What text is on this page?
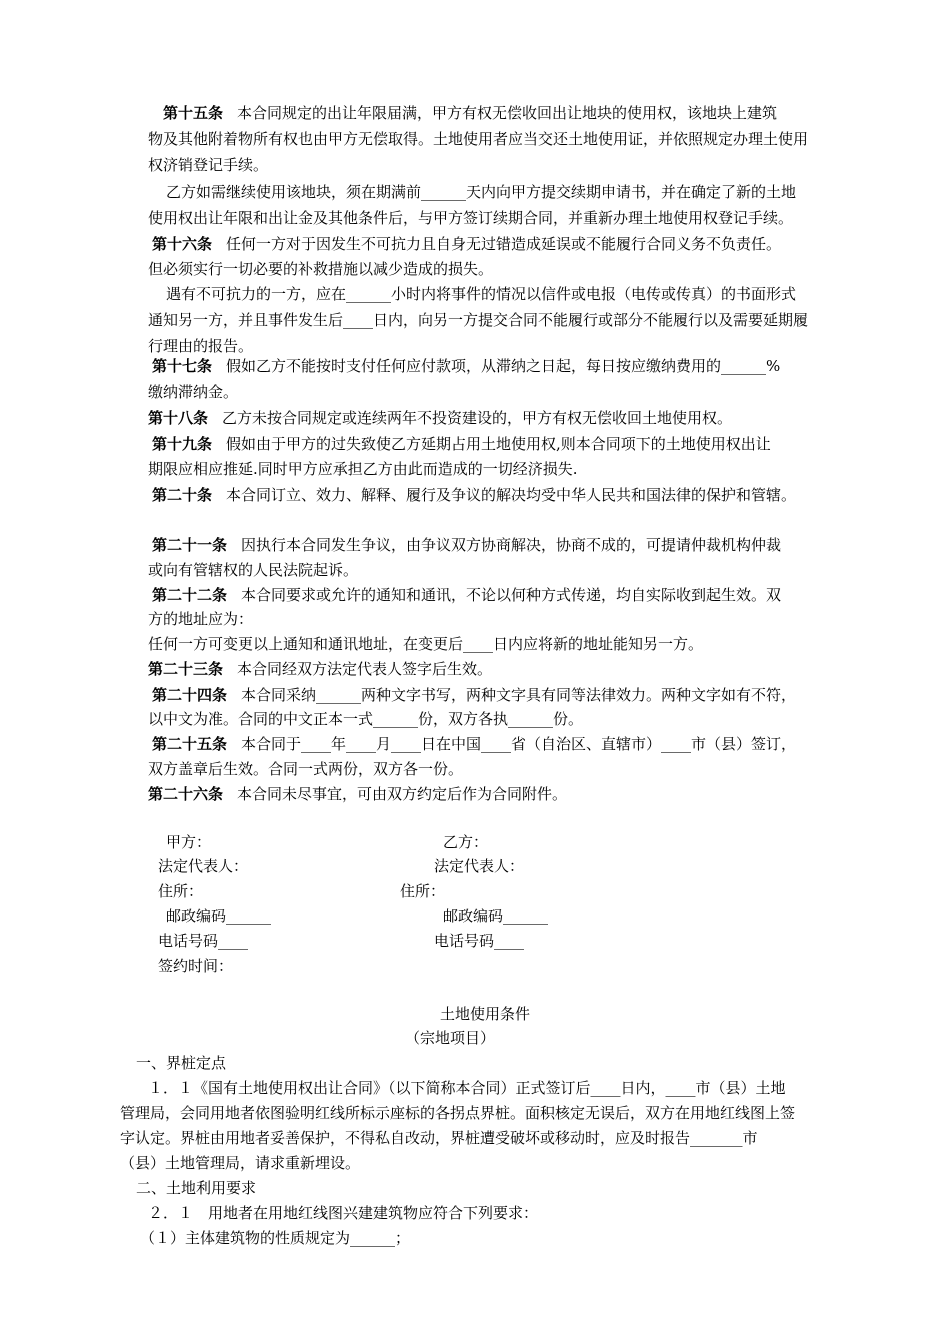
第十五条 本合同规定的出让年限届满，甲方有权无偿收回出让地块的使用权，该地块上建筑
物及其他附着物所有权也由甲方无偿取得。土地使用者应当交还土地使用证，并依照规定办理土使用
权济销登记手续。
乙方如需继续使用该地块，须在期满前______天内向甲方提交续期申请书，并在确定了新的土地
使用权出让年限和出让金及其他条件后，与甲方签订续期合同，并重新办理土地使用权登记手续。
第十六条 任何一方对于因发生不可抗力且自身无过错造成延误或不能履行合同义务不负责任。
但必须实行一切必要的补救措施以减少造成的损失。
遇有不可抗力的一方，应在______小时内将事件的情况以信件或电报（电传或传真）的书面形式
通知另一方，并且事件发生后____日内，向另一方提交合同不能履行或部分不能履行以及需要延期履
行理由的报告。
第十七条 假如乙方不能按时支付任何应付款项，从滞纳之日起，每日按应缴纳费用的______%
缴纳滞纳金。
第十八条 乙方未按合同规定或连续两年不投资建设的，甲方有权无偿收回土地使用权。
第十九条 假如由于甲方的过失致使乙方延期占用土地使用权,则本合同项下的土地使用权出让
期限应相应推延.同时甲方应承担乙方由此而造成的一切经济损失.
第二十条 本合同订立、效力、解释、履行及争议的解决均受中华人民共和国法律的保护和管辖。
第二十一条 因执行本合同发生争议，由争议双方协商解决，协商不成的，可提请仲裁机构仲裁
或向有管辖权的人民法院起诉。
第二十二条 本合同要求或允许的通知和通讯，不论以何种方式传递，均自实际收到起生效。双
方的地址应为：
任何一方可变更以上通知和通讯地址，在变更后____日内应将新的地址能知另一方。
第二十三条 本合同经双方法定代表人签字后生效。
第二十四条 本合同采纳______两种文字书写，两种文字具有同等法律效力。两种文字如有不符，
以中文为准。合同的中文正本一式______份，双方各执______份。
第二十五条 本合同于____年____月____日在中国____省（自治区、直辖市）____市（县）签订，
双方盖章后生效。合同一式两份，双方各一份。
第二十六条 本合同未尽事宜，可由双方约定后作为合同附件。
甲方：	乙方：
法定代表人：	法定代表人：
住所：	住所：
邮政编码______	邮政编码______
电话号码____	电话号码____
签约时间：
土地使用条件
（宗地项目）
一、界桩定点
１．１《国有土地使用权出让合同》（以下简称本合同）正式签订后____日内，____市（县）土地
管理局，会同用地者依图验明红线所标示座标的各拐点界桩。面积核定无误后，双方在用地红线图上签
字认定。界桩由用地者妥善保护，不得私自改动，界桩遭受破坏或移动时，应及时报告_______市
（县）土地管理局，请求重新埋设。
二、土地利用要求
２．１　用地者在用地红线图兴建建筑物应符合下列要求：
（１）主体建筑物的性质规定为______；
